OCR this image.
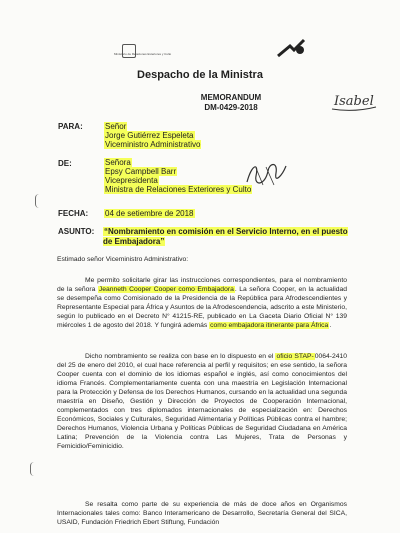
Ministerio de Relaciones Exteriores y Culto
Despacho de la Ministra
Isabel
MEMORANDUM
DM-0429-2018
PARA:	Señor
Jorge Gutiérrez Espeleta
Viceministro Administrativo
DE:	Señora
Epsy Campbell Barr
Vicepresidenta
Ministra de Relaciones Exteriores y Culto
FECHA: 04 de setiembre de 2018
ASUNTO: “Nombramiento en comisión en el Servicio Interno, en el puesto de Embajadora”
Estimado señor Viceministro Administrativo:

Me permito solicitarle girar las instrucciones correspondientes, para el nombramiento de la señora Jeanneth Cooper Cooper como Embajadora. La señora Cooper, en la actualidad se desempeña como Comisionado de la Presidencia de la República para Afrodescendientes y Representante Especial para África y Asuntos de la Afrodescendencia, adscrito a este Ministerio, según lo publicado en el Decreto N° 41215-RE, publicado en La Gaceta Diario Oficial N° 139 miércoles 1 de agosto del 2018. Y fungirá además como embajadora itinerante para África.

Dicho nombramiento se realiza con base en lo dispuesto en el oficio STAP-0064-2410 del 25 de enero del 2010, el cual hace referencia al perfil y requisitos; en ese sentido, la señora Cooper cuenta con el dominio de los idiomas español e inglés, así como conocimientos del idioma Francés. Complementariamente cuenta con una maestría en Legislación Internacional para la Protección y Defensa de los Derechos Humanos, cursando en la actualidad una segunda maestría en Diseño, Gestión y Dirección de Proyectos de Cooperación Internacional, complementados con tres diplomados internacionales de especialización en: Derechos Económicos, Sociales y Culturales, Seguridad Alimentaria y Políticas Públicas contra el hambre; Derechos Humanos, Violencia Urbana y Políticas Públicas de Seguridad Ciudadana en América Latina; Prevención de la Violencia contra Las Mujeres, Trata de Personas y Femicidio/Feminicidio.

Se resalta como parte de su experiencia de más de doce años en Organismos Internacionales tales como: Banco Interamericano de Desarrollo, Secretaría General del SICA, USAID, Fundación Friedrich Ebert Stiftung, Fundación
